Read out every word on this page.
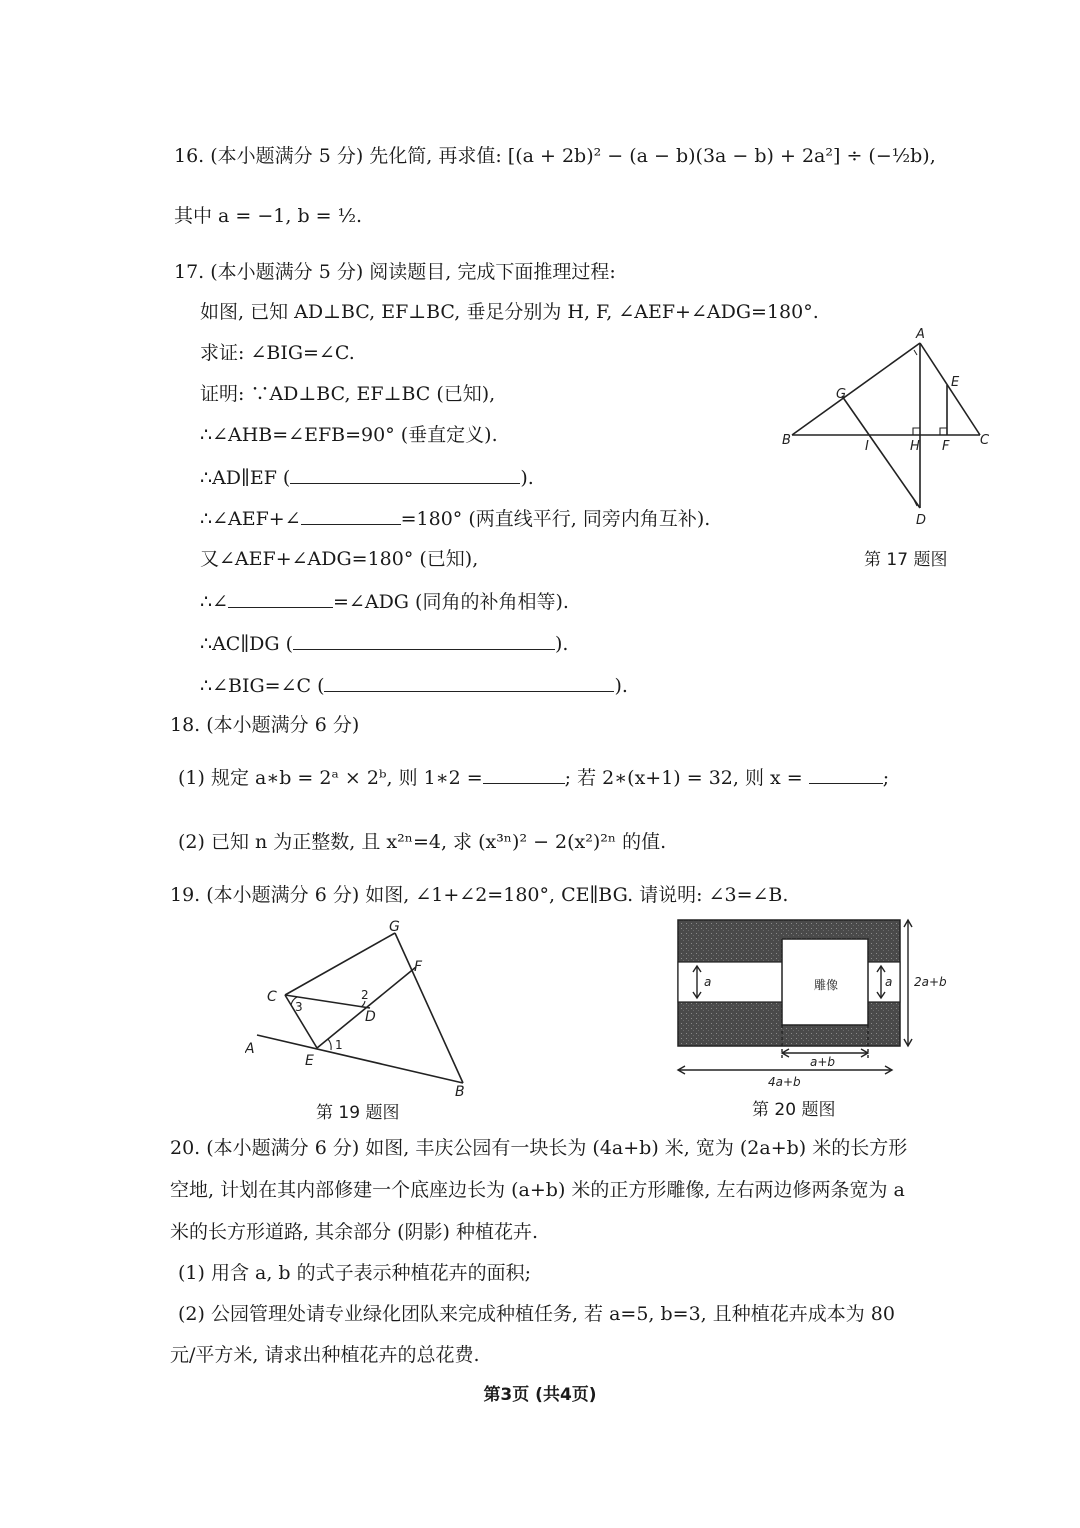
16. (本小题满分 5 分) 先化简, 再求值: [(a + 2b)² − (a − b)(3a − b) + 2a²] ÷ (−½b),
其中 a = −1, b = ½.
17. (本小题满分 5 分) 阅读题目, 完成下面推理过程:
如图, 已知 AD⊥BC, EF⊥BC, 垂足分别为 H, F, ∠AEF+∠ADG=180°.
求证: ∠BIG=∠C.
证明: ∵AD⊥BC, EF⊥BC (已知),
∴∠AHB=∠EFB=90° (垂直定义).
∴AD∥EF (	).
∴∠AEF+∠	=180° (两直线平行, 同旁内角互补).
又∠AEF+∠ADG=180° (已知),
∴∠	=∠ADG (同角的补角相等).
∴AC∥DG (	).
∴∠BIG=∠C (	).
A
B	C
D
E
F
G
H
I
第 17 题图
18. (本小题满分 6 分)
(1) 规定 a∗b = 2ᵃ × 2ᵇ, 则 1∗2 =	; 若 2∗(x+1) = 32, 则 x =	;
(2) 已知 n 为正整数, 且 x²ⁿ=4, 求 (x³ⁿ)² − 2(x²)²ⁿ 的值.
19. (本小题满分 6 分) 如图, ∠1+∠2=180°, CE∥BG. 请说明: ∠3=∠B.
A
B
C
D
E
F
G
1
2
3
第 19 题图
雕像
a	a 2a+b
a+b
4a+b
第 20 题图
20. (本小题满分 6 分) 如图, 丰庆公园有一块长为 (4a+b) 米, 宽为 (2a+b) 米的长方形
空地, 计划在其内部修建一个底座边长为 (a+b) 米的正方形雕像, 左右两边修两条宽为 a
米的长方形道路, 其余部分 (阴影) 种植花卉.
(1) 用含 a, b 的式子表示种植花卉的面积;
(2) 公园管理处请专业绿化团队来完成种植任务, 若 a=5, b=3, 且种植花卉成本为 80
元/平方米, 请求出种植花卉的总花费.
第3页 (共4页)
